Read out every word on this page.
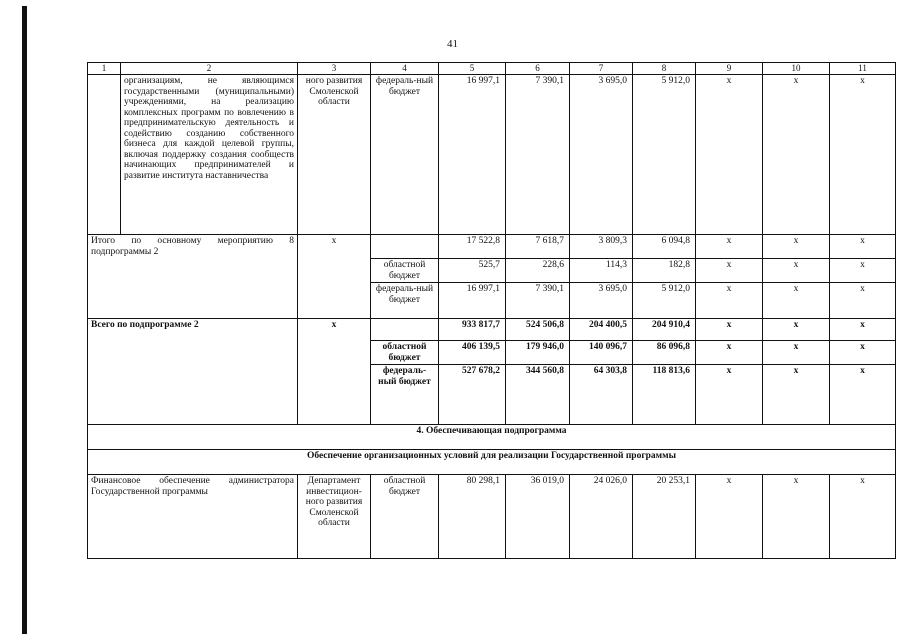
41
1	2	3	4	5	6	7	8	9	10	11
	организациям, не являющимся государственными (муниципальными) учреждениями, на реализацию комплексных программ по вовлечению в предпринимательскую деятельность и содействию созданию собственного бизнеса для каждой целевой группы, включая поддержку создания сообществ начинающих предпринимателей и развитие института наставничества	ного развития Смоленской области	федераль-ный бюджет	16 997,1	7 390,1	3 695,0	5 912,0	х	х	х
Итого по основному мероприятию 8 подпрограммы 2		х		17 522,8	7 618,7	3 809,3	6 094,8	х	х	х
			областной бюджет	525,7	228,6	114,3	182,8	х	х	х
			федераль-ный бюджет	16 997,1	7 390,1	3 695,0	5 912,0	х	х	х
Всего по подпрограмме 2		х		933 817,7	524 506,8	204 400,5	204 910,4	х	х	х
			областной бюджет	406 139,5	179 946,0	140 096,7	86 096,8	х	х	х
			федераль-ный бюджет	527 678,2	344 560,8	64 303,8	118 813,6	х	х	х
4. Обеспечивающая подпрограмма										
Обеспечение организационных условий для реализации Государственной программы										
Финансовое обеспечение администратора Государственной программы		Департамент инвестицион-ного развития Смоленской области	областной бюджет	80 298,1	36 019,0	24 026,0	20 253,1	х	х	х
